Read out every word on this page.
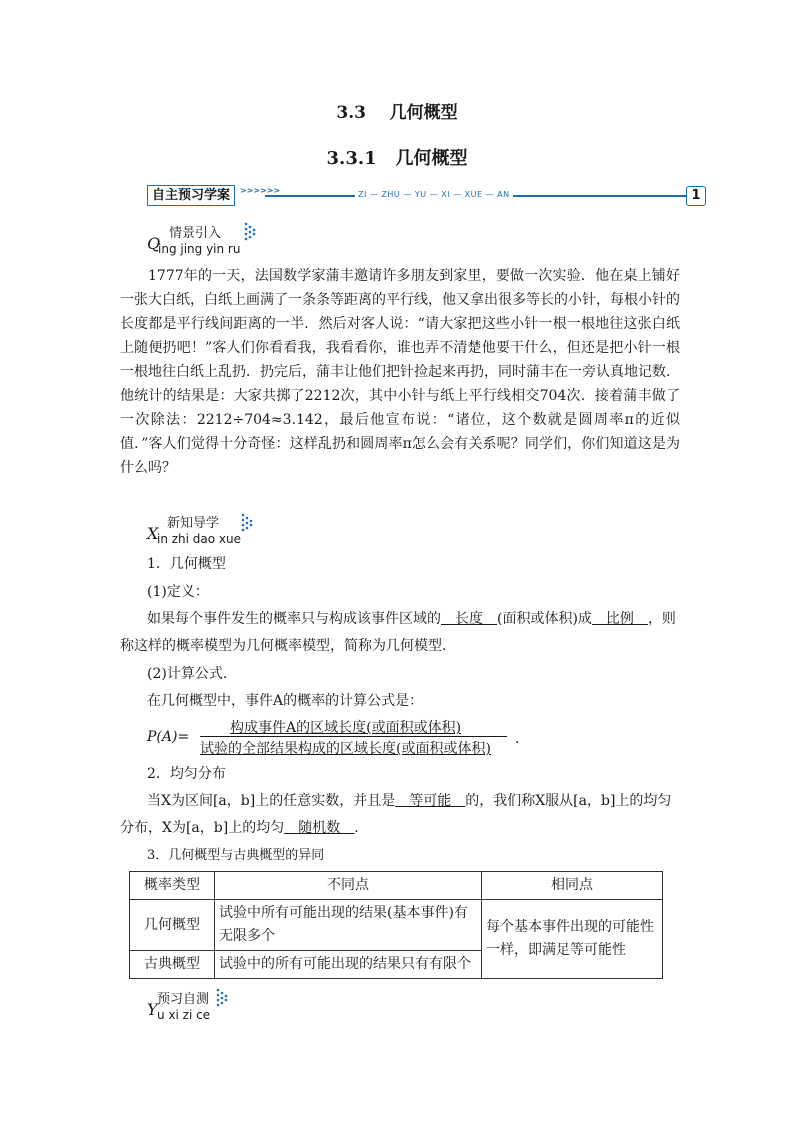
3.3 几何概型
3.3.1 几何概型
自主预习学案	>>>>>>	ZI — ZHU — YU — XI — XUE — AN	1
Q
情景引入
ing jing yin ru
1777年的一天，法国数学家蒲丰邀请许多朋友到家里，要做一次实验．他在桌上铺好一张大白纸，白纸上画满了一条条等距离的平行线，他又拿出很多等长的小针，每根小针的长度都是平行线间距离的一半．然后对客人说：“请大家把这些小针一根一根地往这张白纸上随便扔吧！”客人们你看看我，我看看你，谁也弄不清楚他要干什么，但还是把小针一根一根地往白纸上乱扔．扔完后，蒲丰让他们把针捡起来再扔，同时蒲丰在一旁认真地记数．他统计的结果是：大家共掷了2212次，其中小针与纸上平行线相交704次．接着蒲丰做了一次除法：2212÷704≈3.142，最后他宣布说：“诸位，这个数就是圆周率π的近似值．”客人们觉得十分奇怪：这样乱扔和圆周率π怎么会有关系呢？同学们，你们知道这是为什么吗？
X
新知导学
in zhi dao xue
1．几何概型
(1)定义：
如果每个事件发生的概率只与构成该事件区域的　长度　(面积或体积)成　比例　，则
称这样的概率模型为几何概率模型，简称为几何模型．
(2)计算公式．
在几何概型中，事件A的概率的计算公式是：
P(A)=
构成事件A的区域长度(或面积或体积)
试验的全部结果构成的区域长度(或面积或体积)
．
2．均匀分布
当X为区间[a，b]上的任意实数，并且是　等可能　的，我们称X服从[a，b]上的均匀
分布，X为[a，b]上的均匀　随机数　．
3．几何概型与古典概型的异同
概率类型	不同点	相同点
几何概型	试验中所有可能出现的结果(基本事件)有无限多个	每个基本事件出现的可能性一样，即满足等可能性
古典概型	试验中的所有可能出现的结果只有有限个	
Y
预习自测
u xi zi ce
